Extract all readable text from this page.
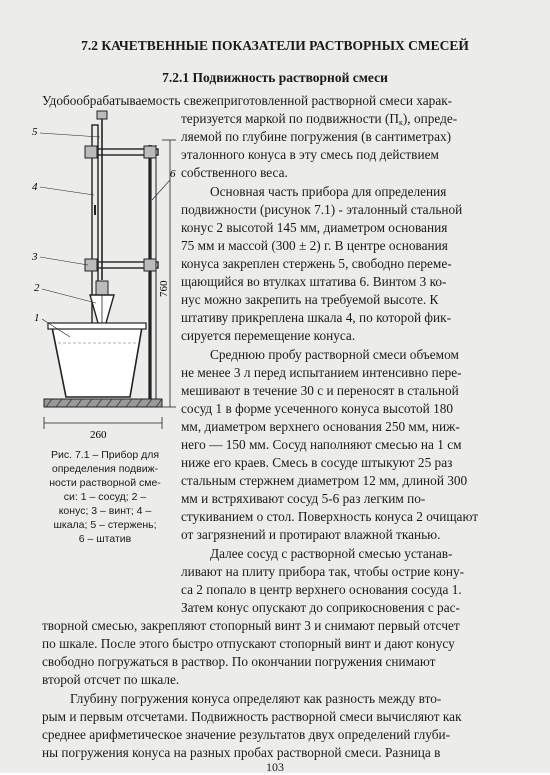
7.2 КАЧЕТВЕННЫЕ ПОКАЗАТЕЛИ РАСТВОРНЫХ СМЕСЕЙ
7.2.1 Подвижность растворной смеси
Удобообрабатываемость свежеприготовленной растворной смеси харак-
теризуется маркой по подвижности $(П_к)$, опреде-
ляемой по глубине погружения (в сантиметрах)
эталонного конуса в эту смесь под действием
собственного веса.
Основная часть прибора для определения
подвижности (рисунок 7.1) - эталонный стальной
конус 2 высотой 145 мм, диаметром основания
75 мм и массой (300 ± 2) г. В центре основания
конуса закреплен стержень 5, свободно переме-
щающийся во втулках штатива 6. Винтом 3 ко-
нус можно закрепить на требуемой высоте. К
штативу прикреплена шкала 4, по которой фик-
сируется перемещение конуса.
Среднюю пробу растворной смеси объемом
не менее 3 л перед испытанием интенсивно пере-
мешивают в течение 30 с и переносят в стальной
сосуд 1 в форме усеченного конуса высотой 180
мм, диаметром верхнего основания 250 мм, ниж-
него — 150 мм. Сосуд наполняют смесью на 1 см
ниже его краев. Смесь в сосуде штыкуют 25 раз
стальным стержнем диаметром 12 мм, длиной 300
мм и встряхивают сосуд 5-6 раз легким по-
стукиванием о стол. Поверхность конуса 2 очищают
от загрязнений и протирают влажной тканью.
Далее сосуд с растворной смесью устанав-
ливают на плиту прибора так, чтобы острие кону-
са 2 попало в центр верхнего основания сосуда 1.
Затем конус опускают до соприкосновения с рас-
творной смесью, закрепляют стопорный винт 3 и снимают первый отсчет
по шкале. После этого быстро отпускают стопорный винт и дают конусу
свободно погружаться в раствор. По окончании погружения снимают
второй отсчет по шкале.
760
260
5
4
3
2
1
6
Рис. 7.1 – Прибор для
определения подвиж-
ности растворной сме-
си: 1 – сосуд; 2 –
конус; 3 – винт; 4 –
шкала; 5 – стержень;
6 – штатив
Глубину погружения конуса определяют как разность между вто-
рым и первым отсчетами. Подвижность растворной смеси вычисляют как
среднее арифметическое значение результатов двух определений глуби-
ны погружения конуса на разных пробах растворной смеси. Разница в
103
